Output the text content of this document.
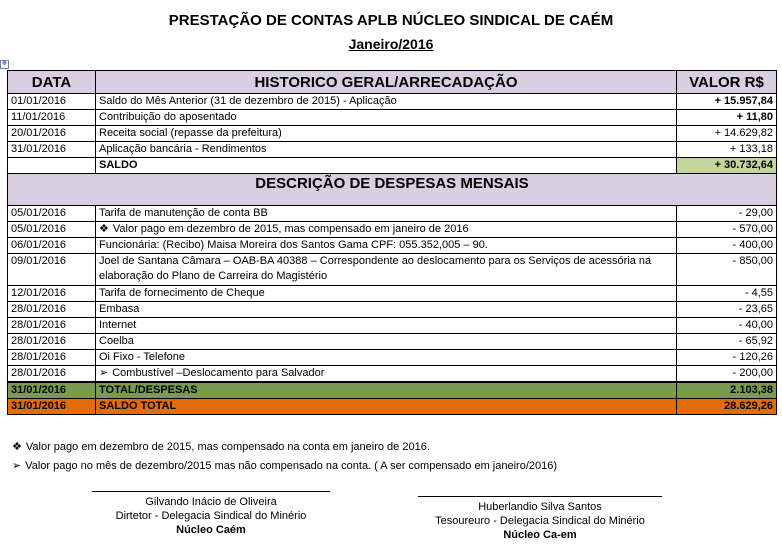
PRESTAÇÃO DE CONTAS APLB NÚCLEO SINDICAL DE CAÉM
Janeiro/2016
✥
DATA	HISTORICO GERAL/ARRECADAÇÃO	VALOR R$
01/01/2016	Saldo do Mês Anterior (31 de dezembro de 2015) - Aplicação	+ 15.957,84
11/01/2016	Contribuição do aposentado	+ 11,80
20/01/2016	Receita social (repasse da prefeitura)	+ 14.629,82
31/01/2016	Aplicação bancária - Rendimentos	+ 133,18
	SALDO	+ 30.732,64
DESCRIÇÃO DE DESPESAS MENSAIS		
05/01/2016	Tarifa de manutenção de conta BB	- 29,00
05/01/2016	❖ Valor pago em dezembro de 2015, mas compensado em janeiro de 2016	- 570,00
06/01/2016	Funcionária: (Recibo) Maisa Moreira dos Santos Gama CPF: 055.352,005 – 90.	- 400,00
09/01/2016	Joel de Santana Câmara – OAB-BA 40388 – Correspondente ao deslocamento para os Serviços de acessória na elaboração do Plano de Carreira do Magistério	- 850,00
12/01/2016	Tarifa de fornecimento de Cheque	- 4,55
28/01/2016	Embasa	- 23,65
28/01/2016	Internet	- 40,00
28/01/2016	Coelba	- 65,92
28/01/2016	Oi Fixo - Telefone	- 120,26
28/01/2016	➢ Combustível –Deslocamento para Salvador	- 200,00
31/01/2016	TOTAL/DESPESAS	2.103,38
31/01/2016	SALDO TOTAL	28.629,26
❖ Valor pago em dezembro de 2015, mas compensado na conta em janeiro de 2016.
➢ Valor pago no mês de dezembro/2015 mas não compensado na conta. ( A ser compensado em janeiro/2016)
Gilvando Inácio de Oliveira
Dirtetor - Delegacia Sindical do Minério
Núcleo Caém
Huberlandio Silva Santos
Tesoureuro - Delegacia Sindical do Minério
Núcleo Ca-em
